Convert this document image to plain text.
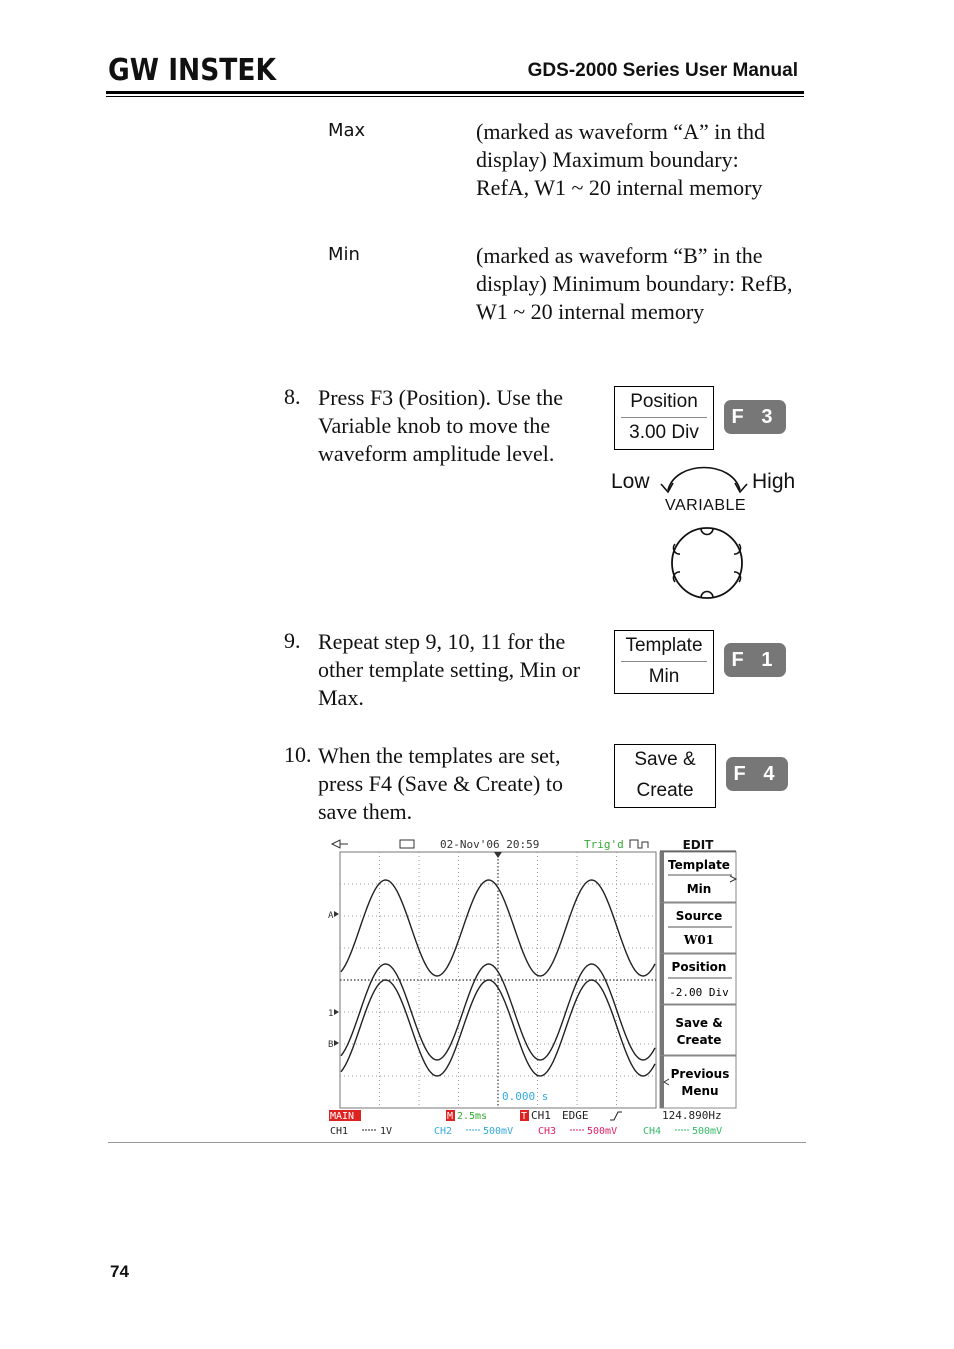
GW INSTEK	GDS-2000 Series User Manual
Max	(marked as waveform “A” in thd display) Maximum boundary: RefA, W1 ~ 20 internal memory
Min	(marked as waveform “B” in the display) Minimum boundary: RefB, W1 ~ 20 internal memory
8. Press F3 (Position). Use the Variable knob to move the waveform amplitude level.
Position
3.00 Div
F 3
Low	High
VARIABLE
9. Repeat step 9, 10, 11 for the other template setting, Min or Max.
Template
Min
F 1
10. When the templates are set, press F4 (Save & Create) to save them.
Save &
Create
F 4
02-Nov'06 20:59	Trig'd
A
1
B
0.000 s
EDIT
Template
Min
Source
W01
Position
-2.00 Div
Save &
Create
Previous
Menu
MAIN	M 2.5ms	T CH1 EDGE	124.890Hz
CH1	1V	CH2	500mV CH3	500mV	CH4	500mV
74
